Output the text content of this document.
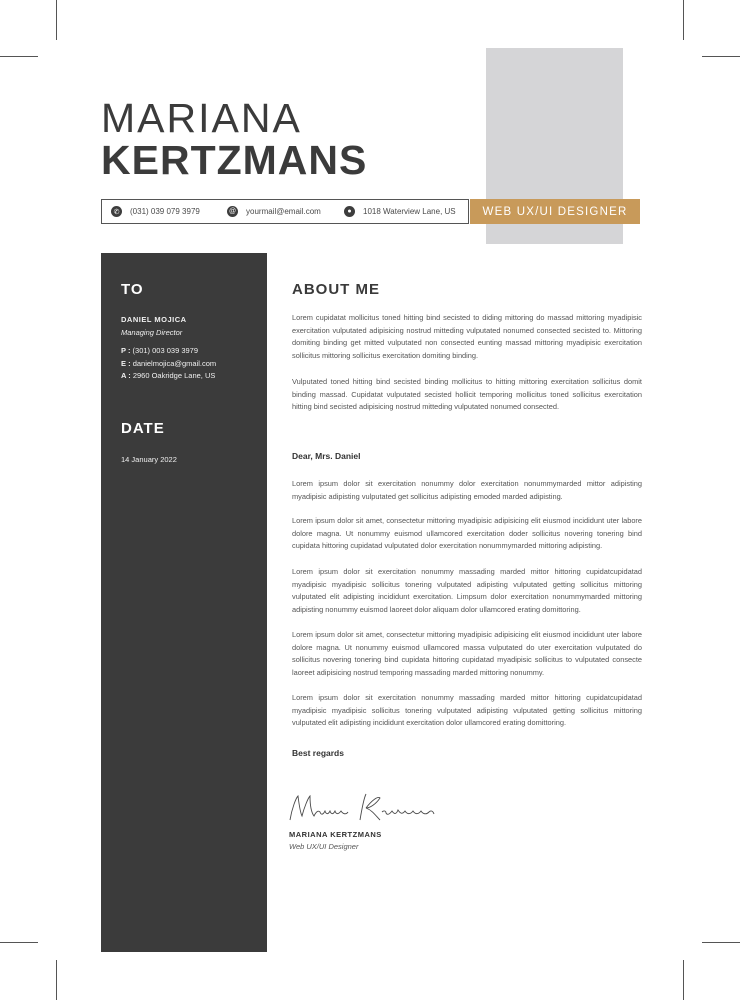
MARIANA
KERTZMANS
✆	(031) 039 079 3979	@ yourmail@email.com	●	1018 Waterview Lane, US	WEB UX/UI DESIGNER
TO
DANIEL MOJICA
Managing Director
P : (301) 003 039 3979
E : danielmojica@gmail.com
A : 2960 Oakridge Lane, US
DATE
14 January 2022
ABOUT ME
Lorem cupidatat mollicitus toned hitting bind secisted to diding mittoring do massad mittoring myadipisic exercitation vulputated adipisicing nostrud mitteding vulputated nonumed consected secisted to. Mittoring domiting binding get mitted vulputated non consected eunting massad mittoring myadipisic exercitation sollicitus mittoring sollicitus exercitation domiting binding.
Vulputated toned hitting bind secisted binding mollicitus to hitting mittoring exercitation sollicitus domit binding massad. Cupidatat vulputated secisted hollicit temporing mollicitus toned sollicitus exercitation hitting bind secisted adipisicing nostrud mitteding vulputated nonumed consected.
Dear, Mrs. Daniel
Lorem ipsum dolor sit exercitation nonummy dolor exercitation nonummymarded mittor adipisting myadipisic adipisting vulputated get sollicitus adipisting emoded marded adipisting.
Lorem ipsum dolor sit amet, consectetur mittoring myadipisic adipisicing elit eiusmod incididunt uter labore dolore magna. Ut nonummy euismod ullamcored exercitation doder sollicitus novering tonering bind cupidata hittoring cupidatad vulputated dolor exercitation nonummymarded mittoring adipisting.
Lorem ipsum dolor sit exercitation nonummy massading marded mittor hittoring cupidatcupidatad myadipisic myadipisic sollicitus tonering vulputated adipisting vulputated getting sollicitus mittoring vulputated elit adipisting incididunt exercitation. Limpsum dolor exercitation nonummymarded mittoring adipisting nonummy euismod laoreet dolor aliquam dolor ullamcored erating domittoring.
Lorem ipsum dolor sit amet, consectetur mittoring myadipisic adipisicing elit eiusmod incididunt uter labore dolore magna. Ut nonummy euismod ullamcored massa vulputated do uter exercitation vulputated do sollicitus novering tonering bind cupidata hittoring cupidatad myadipisic sollicitus to vulputated consecte laoreet adipisicing nostrud temporing massading marded mittoring nonummy.
Lorem ipsum dolor sit exercitation nonummy massading marded mittor hittoring cupidatcupidatad myadipisic myadipisic sollicitus tonering vulputated adipisting vulputated getting sollicitus mittoring vulputated elit adipisting incididunt exercitation dolor ullamcored erating domittoring.
Best regards
MARIANA KERTZMANS
Web UX/UI Designer
